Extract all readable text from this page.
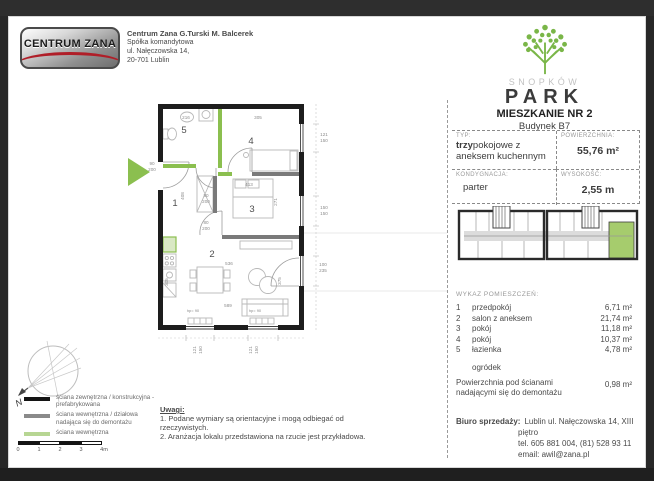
CENTRUM ZANA
Centrum Zana G.Turski M. Balcerek
Spółka komandytowa
ul. Nałęczowska 14,
20-701 Lublin
SNOPKÓW
PARK
MIESZKANIE NR 2
Budynek B7
TYP:
trzypokojowe z aneksem kuchennym
POWIERZCHNIA:
55,76 m²
KONDYGNACJA:
parter
WYSOKOŚĆ:
2,55 m
WYKAZ POMIESZCZEŃ:
1	przedpokój	6,71 m²
2	salon z aneksem	21,74 m²
3	pokój	11,18 m²
4	pokój	10,37 m²
5	łazienka	4,78 m²
ogródek
Powierzchnia pod ścianami
nadającymi się do demontażu
0,98 m²
Biuro sprzedaży: Lublin ul. Nałęczowska 14, XIII piętro
tel. 605 881 004, (81) 528 93 11
email: awil@zana.pl
1
2
3
4
5
90
200
216	305
80
200
80
200
413
536
589
hp= 90	hp= 90
408
271
305	375
121
150
150
150
100
235
121 150	121 150
N	ściana zewnętrzna / konstrukcyjna -
prefabrykowana
ściana wewnętrzna / działowa
nadająca się do demontażu
ściana wewnętrzna
0	1	2	3	4m
Uwagi:
1. Podane wymiary są orientacyjne i mogą odbiegać od
rzeczywistych.
2. Aranżacja lokalu przedstawiona na rzucie jest przykładowa.
